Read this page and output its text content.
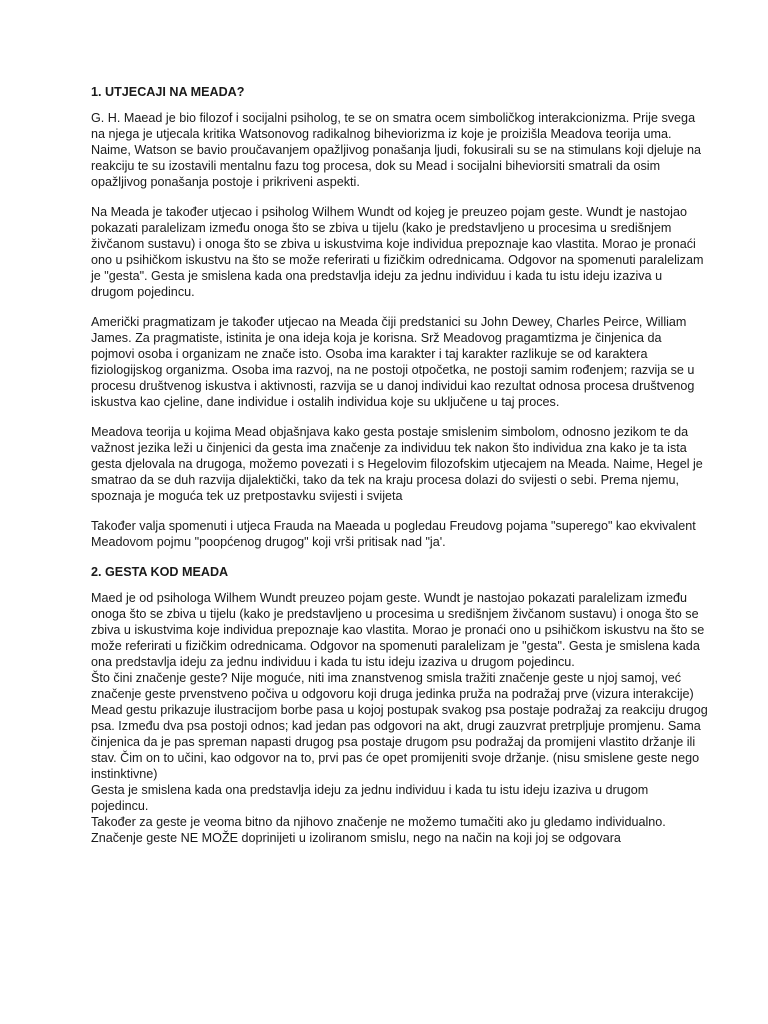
1. UTJECAJI NA MEADA?

G. H. Maead je bio filozof i socijalni psiholog, te se on smatra ocem simboličkog interakcionizma. Prije svega na njega je utjecala kritika Watsonovog radikalnog biheviorizma iz koje je proizišla Meadova teorija uma. Naime, Watson se bavio proučavanjem opažljivog ponašanja ljudi, fokusirali su se na stimulans koji djeluje na reakciju te su izostavili mentalnu fazu tog procesa, dok su Mead i socijalni biheviorsiti smatrali da osim opažljivog ponašanja postoje i prikriveni aspekti.

Na Meada je također utjecao i psiholog Wilhem Wundt od kojeg je preuzeo pojam geste. Wundt je nastojao pokazati paralelizam između onoga što se zbiva u tijelu (kako je predstavljeno u procesima u središnjem živčanom sustavu) i onoga što se zbiva u iskustvima koje individua prepoznaje kao vlastita. Morao je pronaći ono u psihičkom iskustvu na što se može referirati u fizičkim odrednicama. Odgovor na spomenuti paralelizam je "gesta". Gesta je smislena kada ona predstavlja ideju za jednu individuu i kada tu istu ideju izaziva u drugom pojedincu.

Američki pragmatizam je također utjecao na Meada čiji predstanici su John Dewey, Charles Peirce, William James. Za pragmatiste, istinita je ona ideja koja je korisna. Srž Meadovog pragamtizma je činjenica da pojmovi osoba i organizam ne znače isto. Osoba ima karakter i taj karakter razlikuje se od karaktera fiziologijskog organizma. Osoba ima razvoj, na ne postoji otpočetka, ne postoji samim rođenjem; razvija se u procesu društvenog iskustva i aktivnosti, razvija se u danoj individui kao rezultat odnosa procesa društvenog iskustva kao cjeline, dane individue i ostalih individua koje su uključene u taj proces.

Meadova teorija u kojima Mead objašnjava kako gesta postaje smislenim simbolom, odnosno jezikom te da važnost jezika leži u činjenici da gesta ima značenje za individuu tek nakon što individua zna kako je ta ista gesta djelovala na drugoga, možemo povezati i s Hegelovim filozofskim utjecajem na Meada. Naime, Hegel je smatrao da se duh razvija dijalektički, tako da tek na kraju procesa dolazi do svijesti o sebi. Prema njemu, spoznaja je moguća tek uz pretpostavku svijesti i svijeta

Također valja spomenuti i utjeca Frauda na Maeada u pogledau Freudovg pojama "superego" kao ekvivalent Meadovom pojmu "poopćenog drugog" koji vrši pritisak nad "ja'.

2. GESTA KOD MEADA

Maed je od psihologa Wilhem Wundt preuzeo pojam geste. Wundt je nastojao pokazati paralelizam između onoga što se zbiva u tijelu (kako je predstavljeno u procesima u središnjem živčanom sustavu) i onoga što se zbiva u iskustvima koje individua prepoznaje kao vlastita. Morao je pronaći ono u psihičkom iskustvu na što se može referirati u fizičkim odrednicama. Odgovor na spomenuti paralelizam je "gesta". Gesta je smislena kada ona predstavlja ideju za jednu individuu i kada tu istu ideju izaziva u drugom pojedincu.

Što čini značenje geste? Nije moguće, niti ima znanstvenog smisla tražiti značenje geste u njoj samoj, već značenje geste prvenstveno počiva u odgovoru koji druga jedinka pruža na podražaj prve (vizura interakcije)

Mead gestu prikazuje ilustracijom borbe pasa u kojoj postupak svakog psa postaje podražaj za reakciju drugog psa. Između dva psa postoji odnos; kad jedan pas odgovori na akt, drugi zauzvrat pretrpljuje promjenu. Sama činjenica da je pas spreman napasti drugog psa postaje drugom psu podražaj da promijeni vlastito držanje ili stav. Čim on to učini, kao odgovor na to, prvi pas će opet promijeniti svoje držanje. (nisu smislene geste nego instinktivne)

Gesta je smislena kada ona predstavlja ideju za jednu individuu i kada tu istu ideju izaziva u drugom pojedincu.

Također za geste je veoma bitno da njihovo značenje ne možemo tumačiti ako ju gledamo individualno. Značenje geste NE MOŽE doprinijeti u izoliranom smislu, nego na način na koji joj se odgovara
